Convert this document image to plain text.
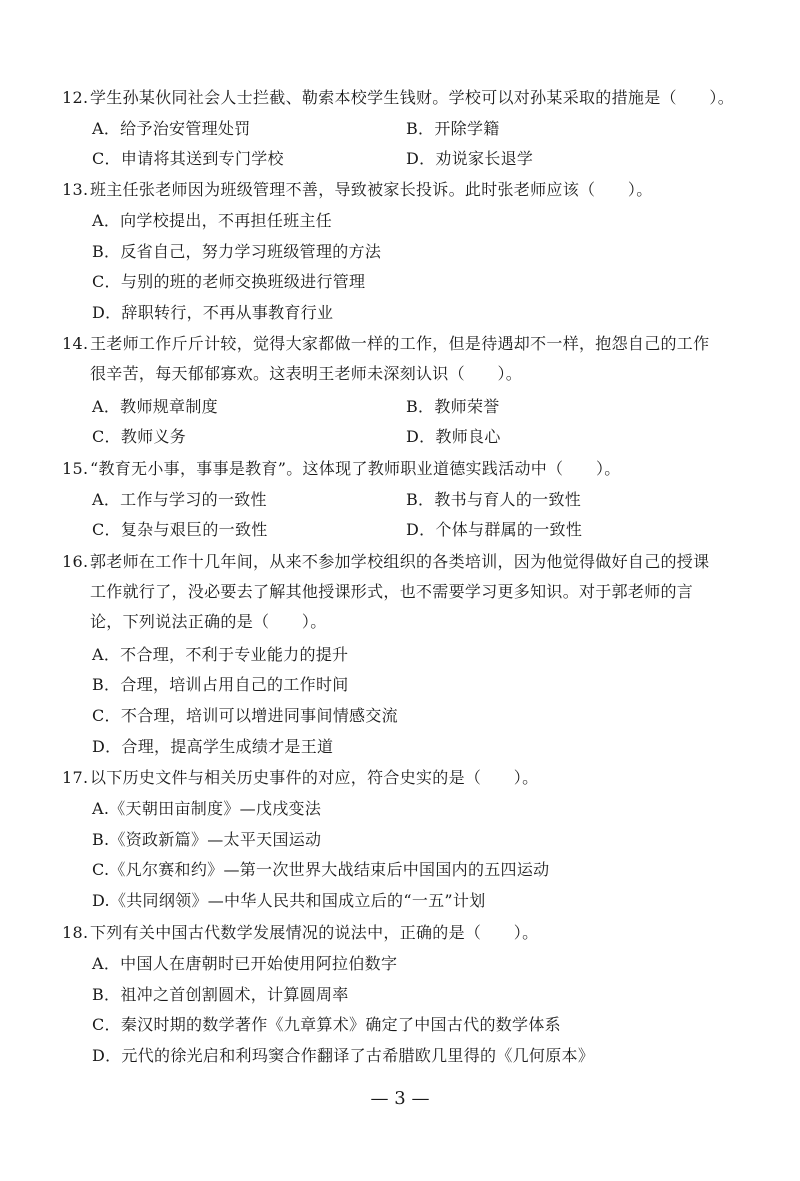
12. 学生孙某伙同社会人士拦截、勒索本校学生钱财。学校可以对孙某采取的措施是（　　）。
A．给予治安管理处罚	B．开除学籍
C．申请将其送到专门学校	D．劝说家长退学
13. 班主任张老师因为班级管理不善，导致被家长投诉。此时张老师应该（　　）。
A．向学校提出，不再担任班主任
B．反省自己，努力学习班级管理的方法
C．与别的班的老师交换班级进行管理
D．辞职转行，不再从事教育行业
14. 王老师工作斤斤计较，觉得大家都做一样的工作，但是待遇却不一样，抱怨自己的工作
很辛苦，每天郁郁寡欢。这表明王老师未深刻认识（　　）。
A．教师规章制度	B．教师荣誉
C．教师义务	D．教师良心
15. “教育无小事，事事是教育”。这体现了教师职业道德实践活动中（　　）。
A．工作与学习的一致性	B．教书与育人的一致性
C．复杂与艰巨的一致性	D．个体与群属的一致性
16. 郭老师在工作十几年间，从来不参加学校组织的各类培训，因为他觉得做好自己的授课
工作就行了，没必要去了解其他授课形式，也不需要学习更多知识。对于郭老师的言
论，下列说法正确的是（　　）。
A．不合理，不利于专业能力的提升
B．合理，培训占用自己的工作时间
C．不合理，培训可以增进同事间情感交流
D．合理，提高学生成绩才是王道
17. 以下历史文件与相关历史事件的对应，符合史实的是（　　）。
A.《天朝田亩制度》—戊戌变法
B.《资政新篇》—太平天国运动
C.《凡尔赛和约》—第一次世界大战结束后中国国内的五四运动
D.《共同纲领》—中华人民共和国成立后的“一五”计划
18. 下列有关中国古代数学发展情况的说法中，正确的是（　　）。
A．中国人在唐朝时已开始使用阿拉伯数字
B．祖冲之首创割圆术，计算圆周率
C．秦汉时期的数学著作《九章算术》确定了中国古代的数学体系
D．元代的徐光启和利玛窦合作翻译了古希腊欧几里得的《几何原本》
— 3 —
